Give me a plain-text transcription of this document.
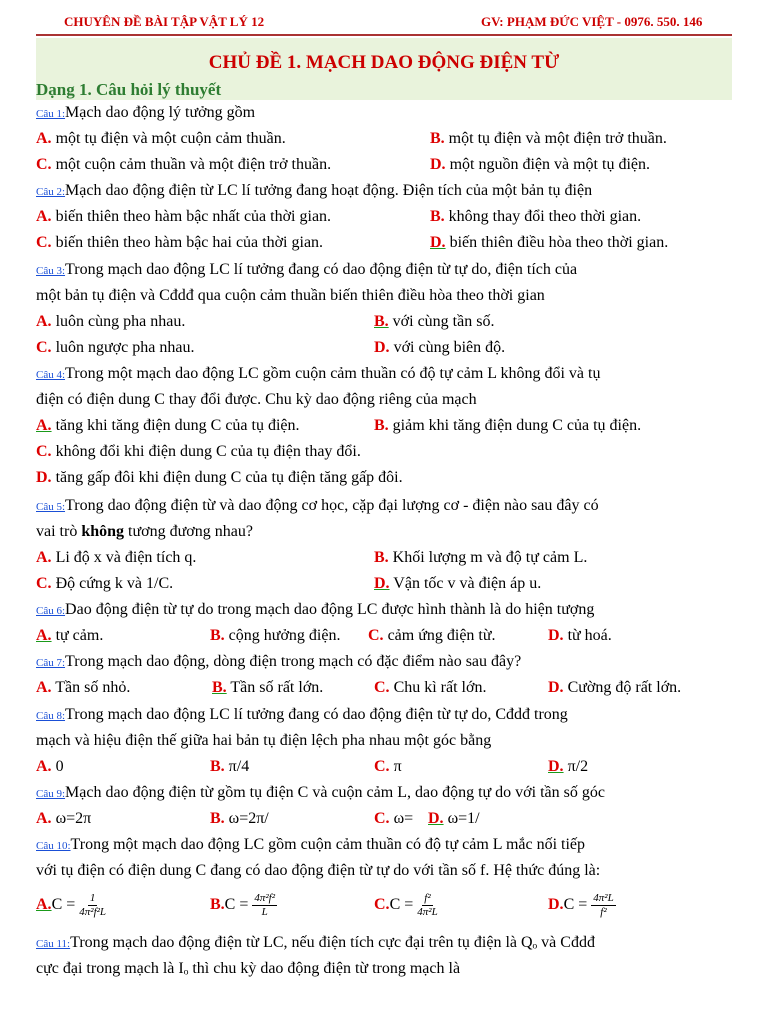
CHUYÊN ĐỀ BÀI TẬP VẬT LÝ 12	GV: PHẠM ĐỨC VIỆT - 0976. 550. 146
CHỦ ĐỀ 1. MẠCH DAO ĐỘNG ĐIỆN TỪ
Dạng 1. Câu hỏi lý thuyết
Câu 1:Mạch dao động lý tưởng gồm
A. một tụ điện và một cuộn cảm thuần.	B. một tụ điện và một điện trở thuần.
C. một cuộn cảm thuần và một điện trở thuần.	D. một nguồn điện và một tụ điện.
Câu 2:Mạch dao động điện từ LC lí tưởng đang hoạt động. Điện tích của một bản tụ điện
A. biến thiên theo hàm bậc nhất của thời gian.	B. không thay đổi theo thời gian.
C. biến thiên theo hàm bậc hai của thời gian.	D. biến thiên điều hòa theo thời gian.
Câu 3:Trong mạch dao động LC lí tưởng đang có dao động điện từ tự do, điện tích của
một bản tụ điện và Cđdđ qua cuộn cảm thuần biến thiên điều hòa theo thời gian
A. luôn cùng pha nhau.	B. với cùng tần số.
C. luôn ngược pha nhau.	D. với cùng biên độ.
Câu 4:Trong một mạch dao động LC gồm cuộn cảm thuần có độ tự cảm L không đổi và tụ
điện có điện dung C thay đổi được. Chu kỳ dao động riêng của mạch
A. tăng khi tăng điện dung C của tụ điện.	B. giảm khi tăng điện dung C của tụ điện.
C. không đổi khi điện dung C của tụ điện thay đổi.
D. tăng gấp đôi khi điện dung C của tụ điện tăng gấp đôi.
Câu 5:Trong dao động điện từ và dao động cơ học, cặp đại lượng cơ - điện nào sau đây có
vai trò không tương đương nhau?
A. Li độ x và điện tích q.	B. Khối lượng m và độ tự cảm L.
C. Độ cứng k và 1/C.	D. Vận tốc v và điện áp u.
Câu 6:Dao động điện từ tự do trong mạch dao động LC được hình thành là do hiện tượng
A. tự cảm.	B. cộng hưởng điện. C. cảm ứng điện từ.	D. từ hoá.
Câu 7:Trong mạch dao động, dòng điện trong mạch có đặc điểm nào sau đây?
A. Tần số nhỏ.	B. Tần số rất lớn.	C. Chu kì rất lớn.	D. Cường độ rất lớn.
Câu 8:Trong mạch dao động LC lí tưởng đang có dao động điện từ tự do, Cđdđ trong
mạch và hiệu điện thế giữa hai bản tụ điện lệch pha nhau một góc bằng
A. 0	B. π/4	C. π	D. π/2
Câu 9:Mạch dao động điện từ gồm tụ điện C và cuộn cảm L, dao động tự do với tần số góc
A. ω=2π	B. ω=2π/	C. ω= D. ω=1/
Câu 10:Trong một mạch dao động LC gồm cuộn cảm thuần có độ tự cảm L mắc nối tiếp
với tụ điện có điện dung C đang có dao động điện từ tự do với tần số f. Hệ thức đúng là:
$A.C = \frac{1}{\text{4π²f²L}}$	$B.C = \frac{\text{4π²f²}}{L}$	$C.C = \frac{\text{f²}}{\text{4π²L}}$	$D.C = \frac{\text{4π²L}}{\text{f²}}$
Câu 11:Trong mạch dao động điện từ LC, nếu điện tích cực đại trên tụ điện là Qₒ và Cđdđ
cực đại trong mạch là Iₒ thì chu kỳ dao động điện từ trong mạch là
